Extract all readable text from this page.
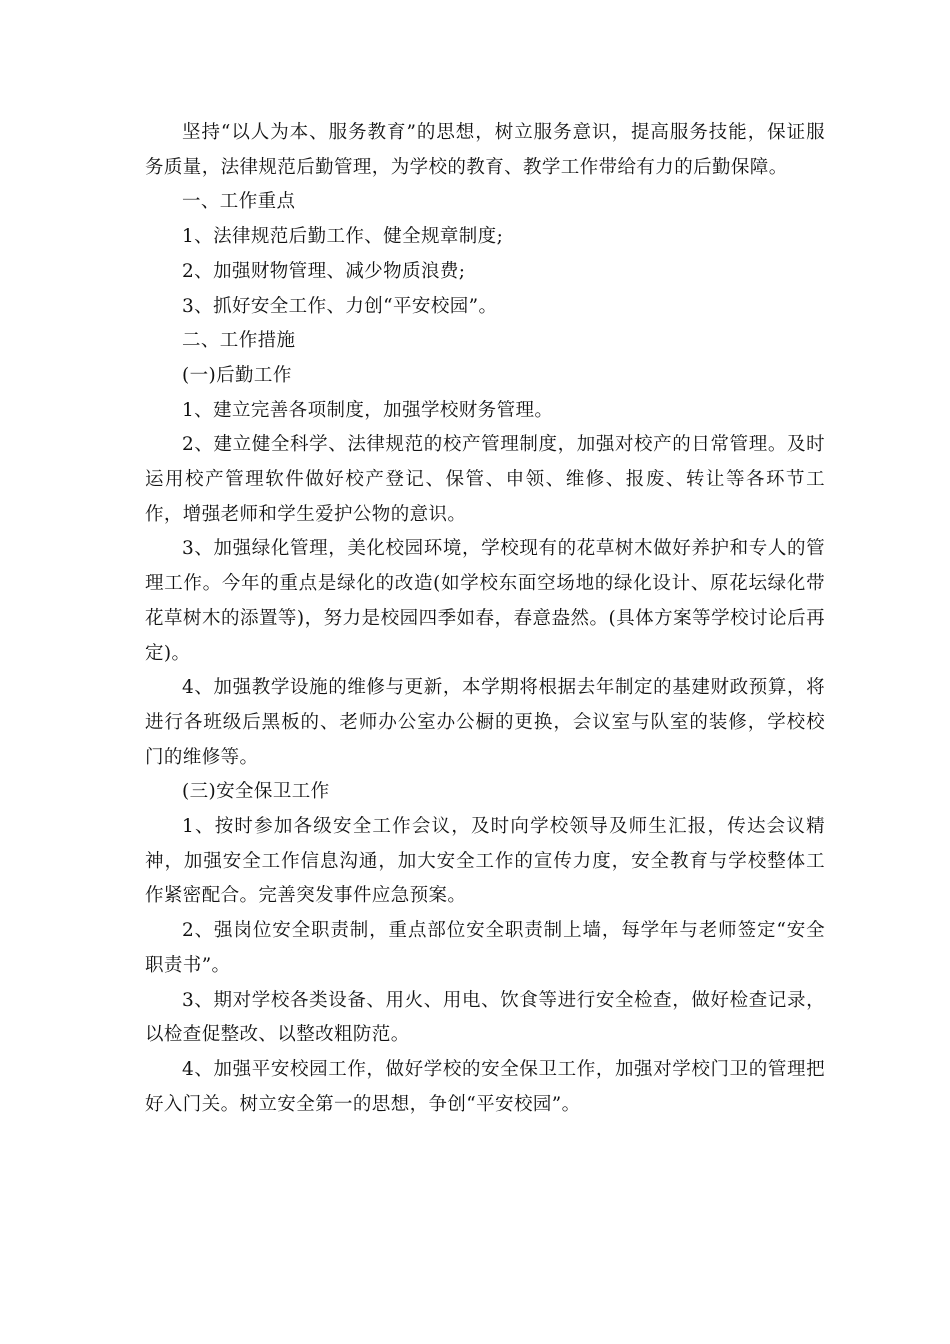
坚持“以人为本、服务教育”的思想，树立服务意识，提高服务技能，保证服务质量，法律规范后勤管理，为学校的教育、教学工作带给有力的后勤保障。

一、工作重点

1、法律规范后勤工作、健全规章制度;

2、加强财物管理、减少物质浪费;

3、抓好安全工作、力创“平安校园”。

二、工作措施

(一)后勤工作

1、建立完善各项制度，加强学校财务管理。

2、建立健全科学、法律规范的校产管理制度，加强对校产的日常管理。及时运用校产管理软件做好校产登记、保管、申领、维修、报废、转让等各环节工作，增强老师和学生爱护公物的意识。

3、加强绿化管理，美化校园环境，学校现有的花草树木做好养护和专人的管理工作。今年的重点是绿化的改造(如学校东面空场地的绿化设计、原花坛绿化带花草树木的添置等)，努力是校园四季如春，春意盎然。(具体方案等学校讨论后再定)。

4、加强教学设施的维修与更新，本学期将根据去年制定的基建财政预算，将进行各班级后黑板的、老师办公室办公橱的更换，会议室与队室的装修，学校校门的维修等。

(三)安全保卫工作

1、按时参加各级安全工作会议，及时向学校领导及师生汇报，传达会议精神，加强安全工作信息沟通，加大安全工作的宣传力度，安全教育与学校整体工作紧密配合。完善突发事件应急预案。

2、强岗位安全职责制，重点部位安全职责制上墙，每学年与老师签定“安全职责书”。

3、期对学校各类设备、用火、用电、饮食等进行安全检查，做好检查记录，以检查促整改、以整改粗防范。

4、加强平安校园工作，做好学校的安全保卫工作，加强对学校门卫的管理把好入门关。树立安全第一的思想，争创“平安校园”。
